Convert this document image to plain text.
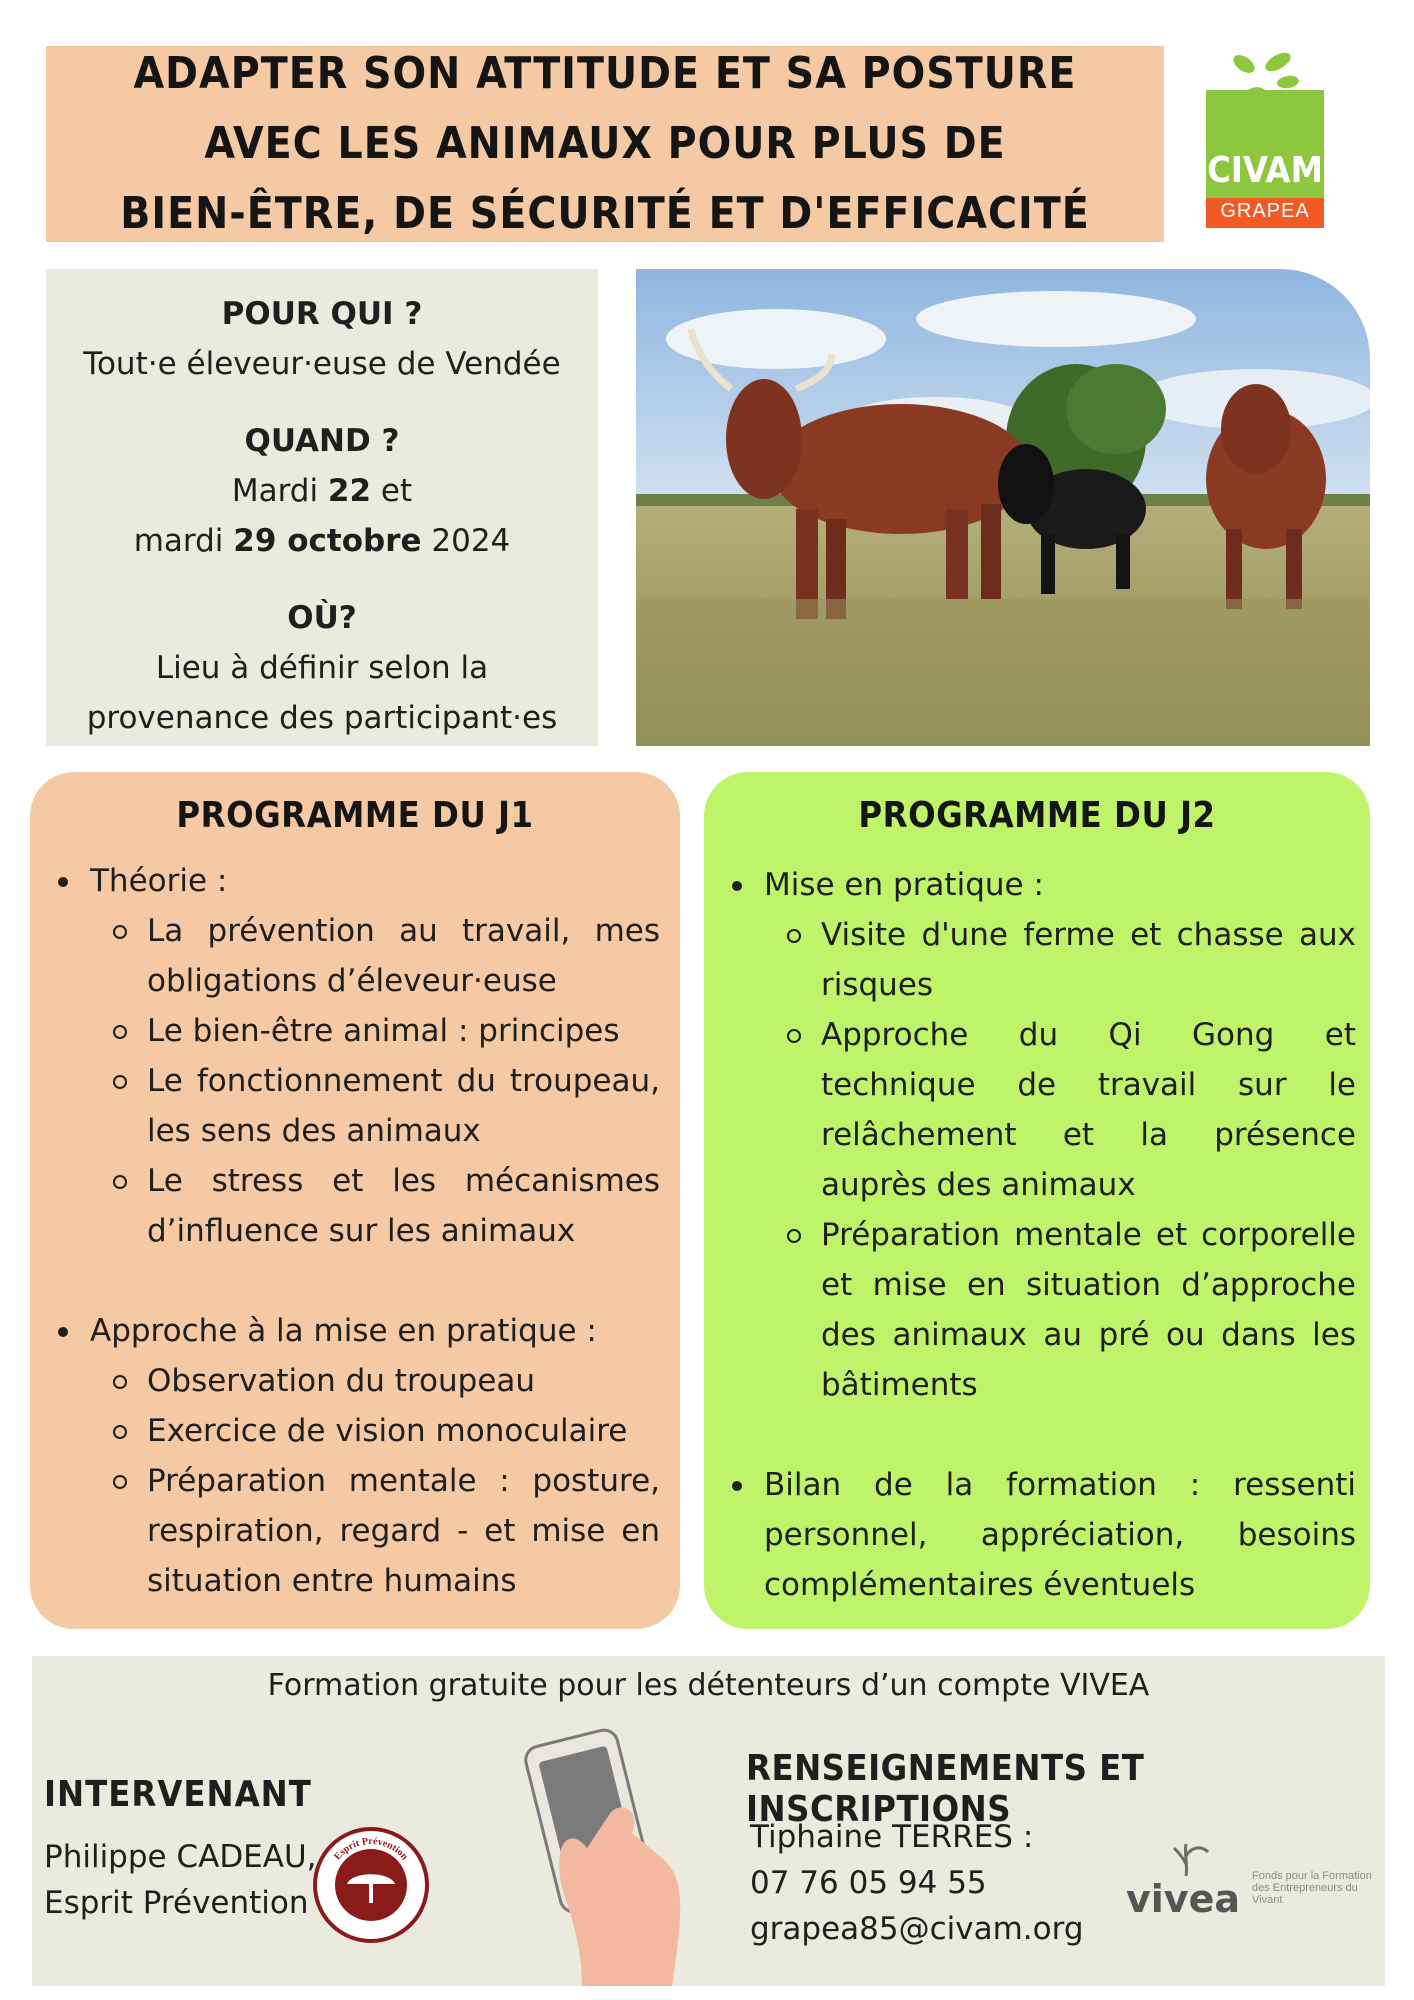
ADAPTER SON ATTITUDE ET SA POSTURE
AVEC LES ANIMAUX POUR PLUS DE
BIEN-ÊTRE, DE SÉCURITÉ ET D'EFFICACITÉ
CIVAM
GRAPEA
POUR QUI ?
Tout·e éleveur·euse de Vendée
QUAND ?
Mardi 22 et
mardi 29 octobre 2024
OÙ?
Lieu à définir selon la
provenance des participant·es
PROGRAMME DU J1
Théorie :
La prévention au travail, mes obligations d’éleveur·euse
Le bien-être animal : principes
Le fonctionnement du troupeau, les sens des animaux
Le stress et les mécanismes d’influence sur les animaux
Approche à la mise en pratique :
Observation du troupeau
Exercice de vision monoculaire
Préparation mentale : posture, respiration, regard - et mise en situation entre humains
PROGRAMME DU J2
Mise en pratique :
Visite d'une ferme et chasse aux risques
Approche du Qi Gong et technique de travail sur le relâchement et la présence auprès des animaux
Préparation mentale et corporelle et mise en situation d’approche des animaux au pré ou dans les bâtiments
Bilan de la formation : ressenti personnel, appréciation, besoins complémentaires éventuels
Formation gratuite pour les détenteurs d’un compte VIVEA
INTERVENANT
Philippe CADEAU,
Esprit Prévention
Esprit Prévention
RENSEIGNEMENTS ET INSCRIPTIONS
Tiphaine TERRES :
07 76 05 94 55
grapea85@civam.org
vivea
Fonds pour la Formation des Entrepreneurs du Vivant
